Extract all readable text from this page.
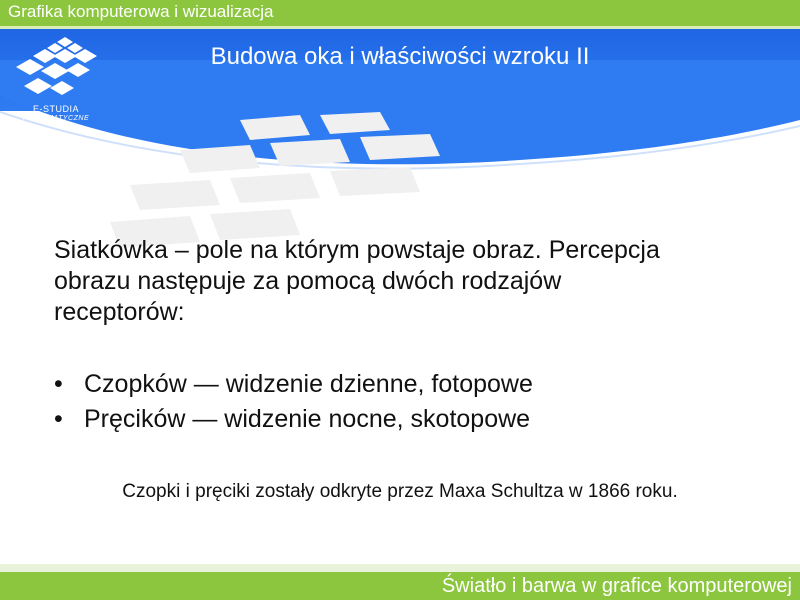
Grafika komputerowa i wizualizacja
Budowa oka i właściwości wzroku II
E-STUDIA
INFORMATYCZNE
Siatkówka – pole na którym powstaje obraz. Percepcja
obrazu następuje za pomocą dwóch rodzajów
receptorów:
• Czopków — widzenie dzienne, fotopowe
• Pręcików — widzenie nocne, skotopowe
Czopki i pręciki zostały odkryte przez Maxa Schultza w 1866 roku.
Światło i barwa w grafice komputerowej
